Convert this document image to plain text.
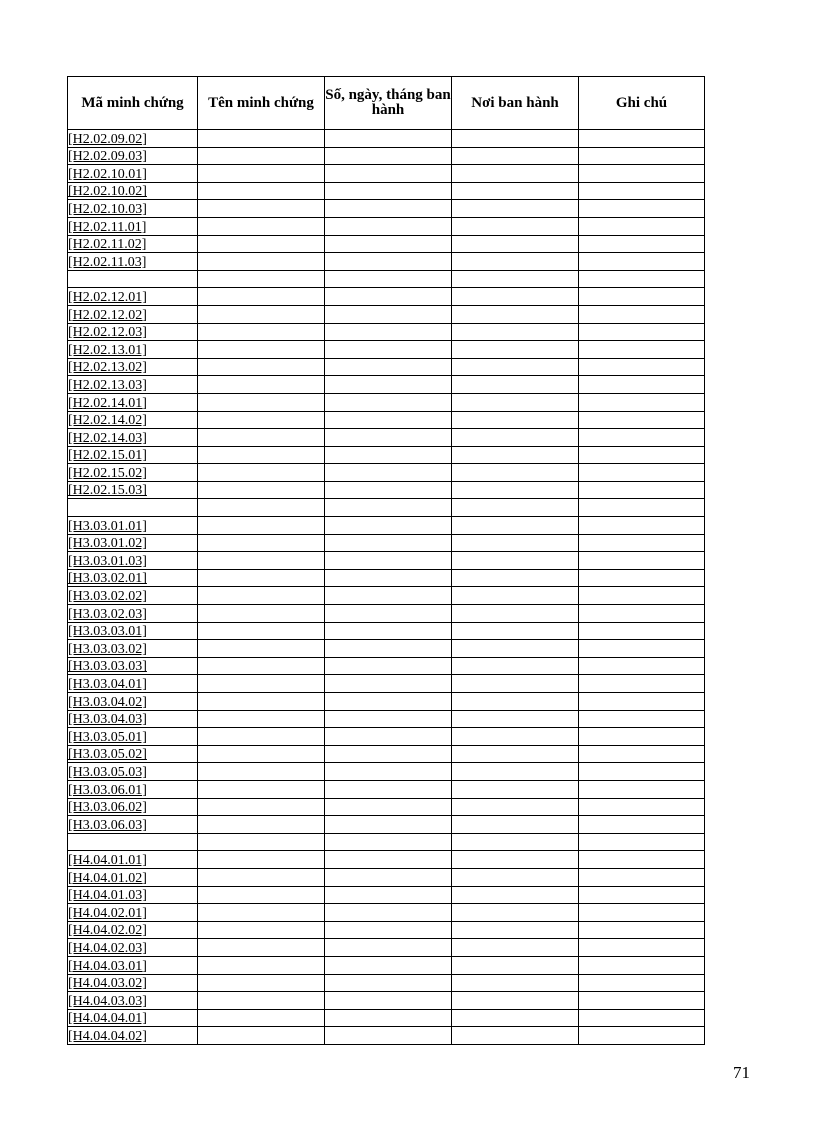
Mã minh chứng	Tên minh chứng	Số, ngày, tháng ban hành	Nơi ban hành	Ghi chú
[H2.02.09.02]				
[H2.02.09.03]				
[H2.02.10.01]				
[H2.02.10.02]				
[H2.02.10.03]				
[H2.02.11.01]				
[H2.02.11.02]				
[H2.02.11.03]				

[H2.02.12.01]				
[H2.02.12.02]				
[H2.02.12.03]				
[H2.02.13.01]				
[H2.02.13.02]				
[H2.02.13.03]				
[H2.02.14.01]				
[H2.02.14.02]				
[H2.02.14.03]				
[H2.02.15.01]				
[H2.02.15.02]				
[H2.02.15.03]				

[H3.03.01.01]				
[H3.03.01.02]				
[H3.03.01.03]				
[H3.03.02.01]				
[H3.03.02.02]				
[H3.03.02.03]				
[H3.03.03.01]				
[H3.03.03.02]				
[H3.03.03.03]				
[H3.03.04.01]				
[H3.03.04.02]				
[H3.03.04.03]				
[H3.03.05.01]				
[H3.03.05.02]				
[H3.03.05.03]				
[H3.03.06.01]				
[H3.03.06.02]				
[H3.03.06.03]				

[H4.04.01.01]				
[H4.04.01.02]				
[H4.04.01.03]				
[H4.04.02.01]				
[H4.04.02.02]				
[H4.04.02.03]				
[H4.04.03.01]				
[H4.04.03.02]				
[H4.04.03.03]				
[H4.04.04.01]				
[H4.04.04.02]				
71
